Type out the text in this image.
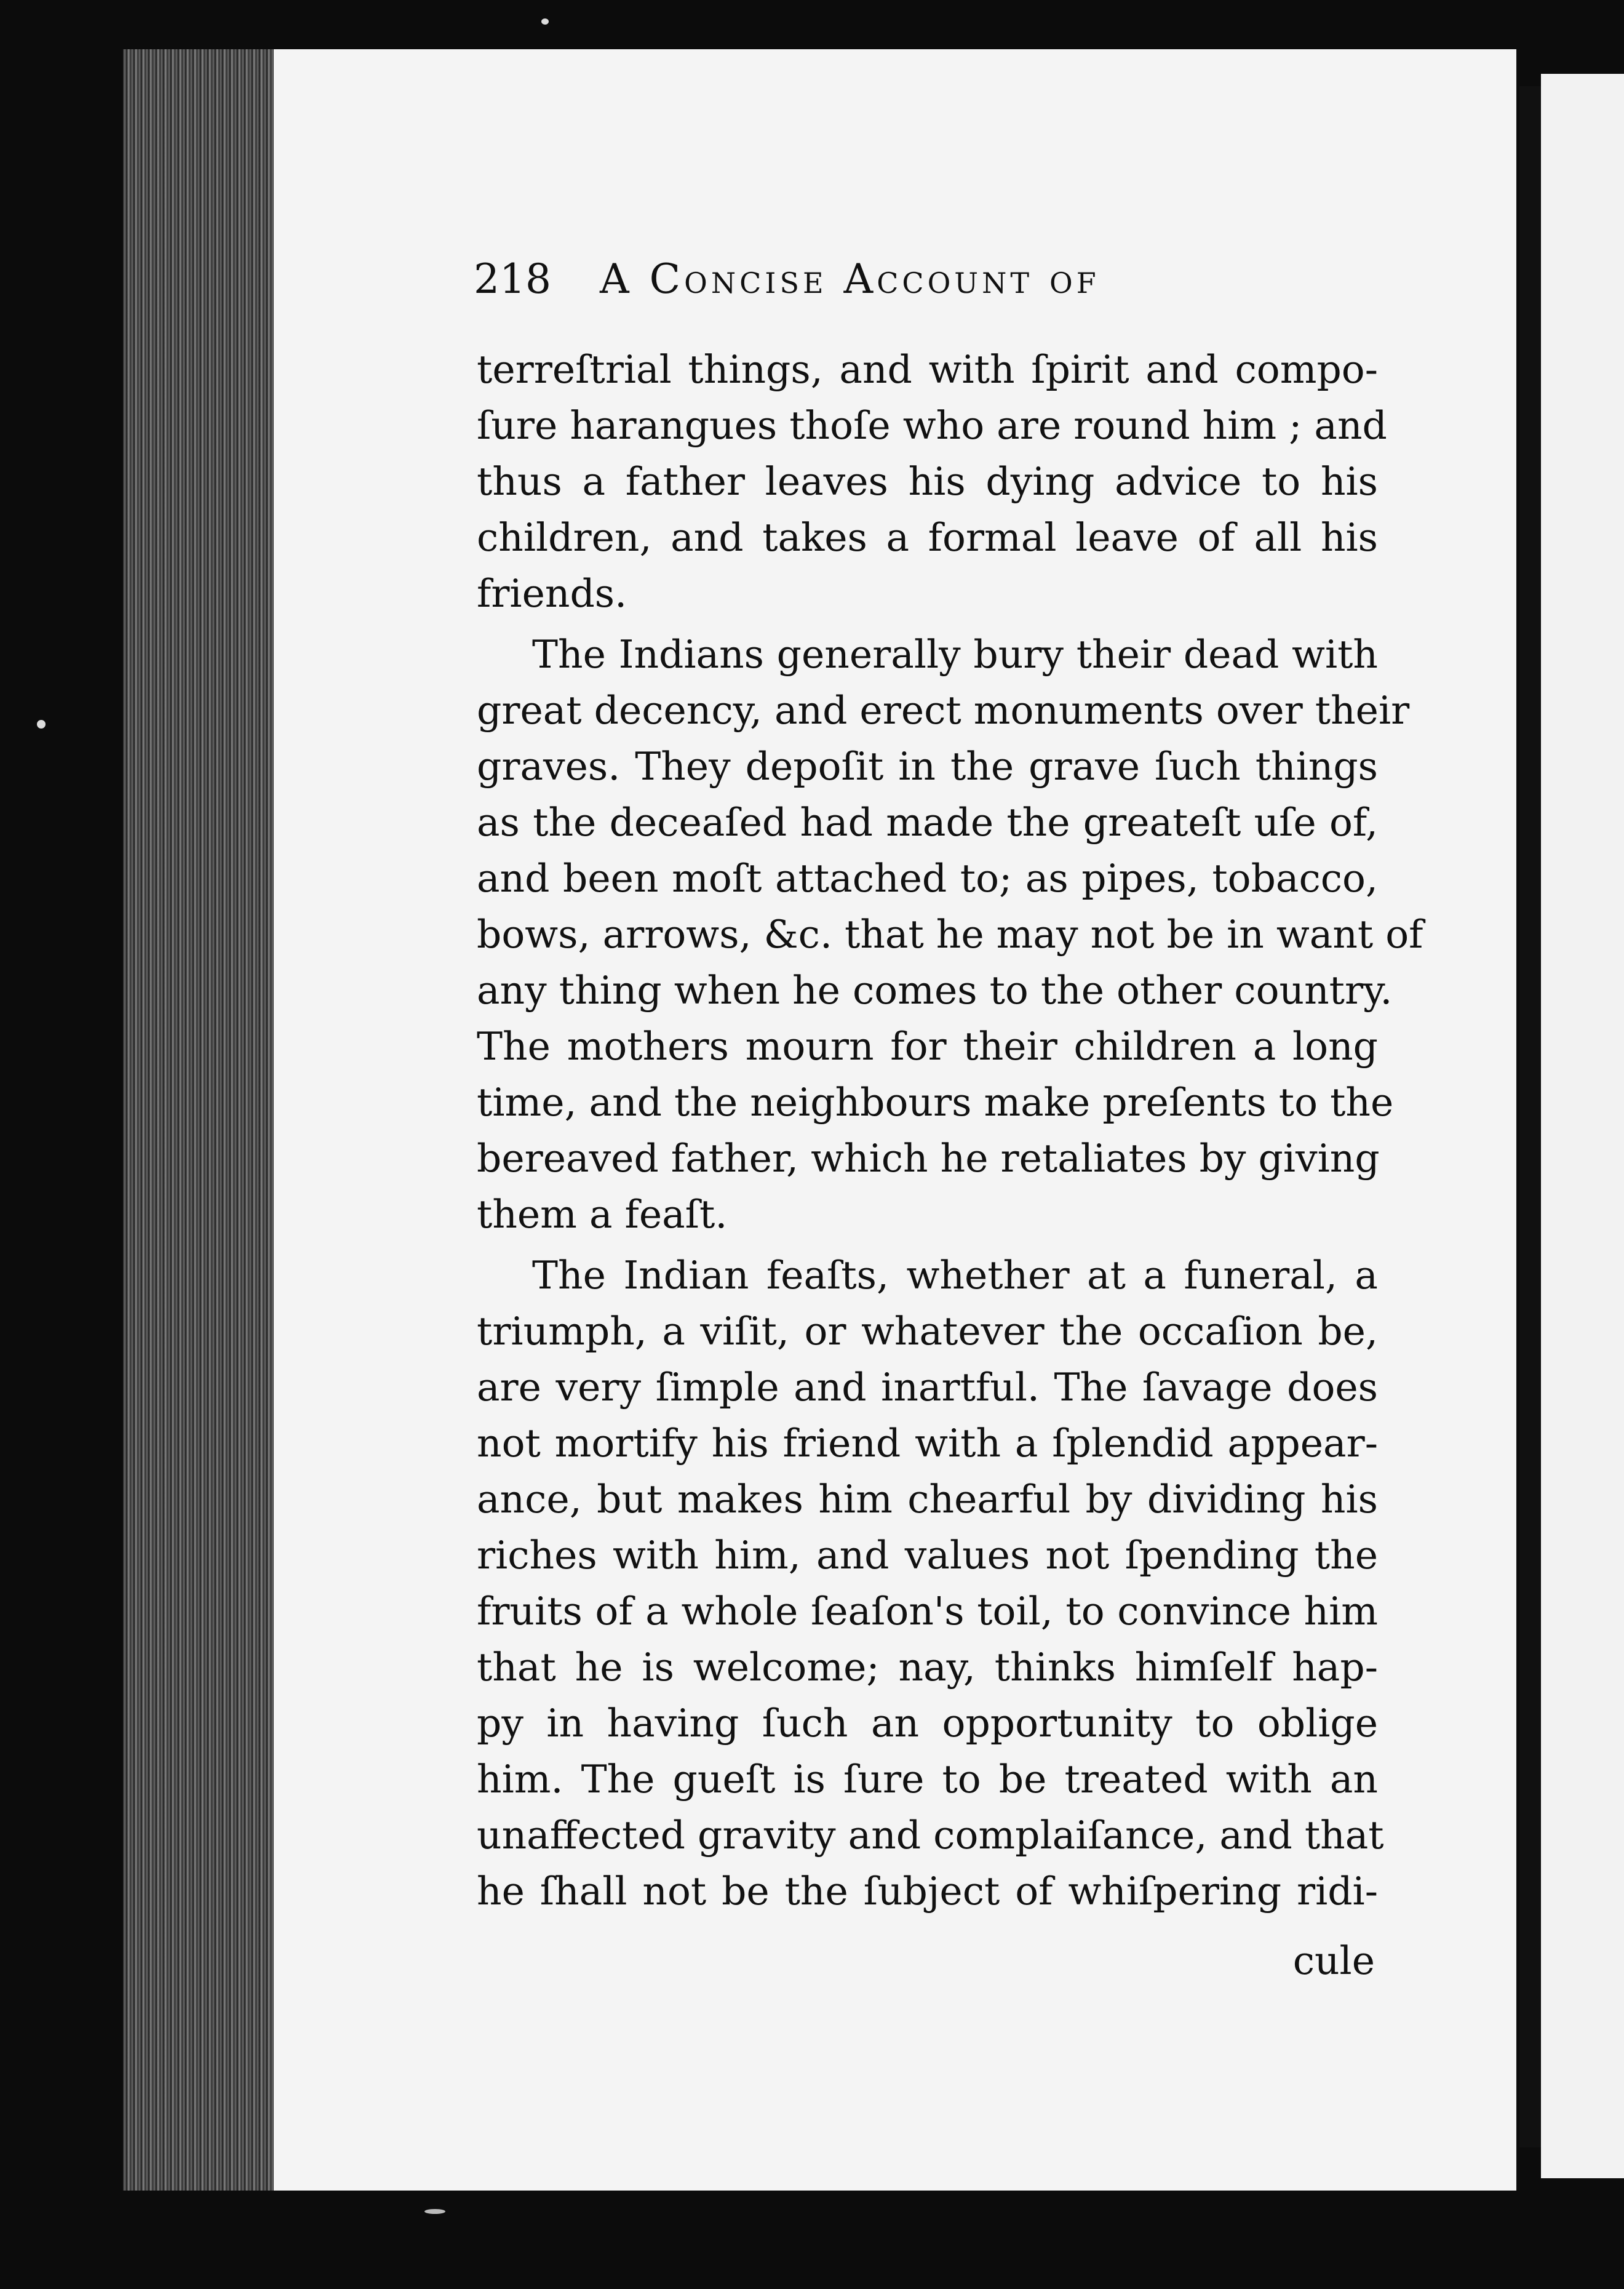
218 A Concise Account of
terreſtrial things, and with ſpirit and compo-
ſure harangues thoſe who are round him ; and
thus a father leaves his dying advice to his
children, and takes a formal leave of all his
friends.
The Indians generally bury their dead with
great decency, and erect monuments over their
graves. They depoſit in the grave ſuch things
as the deceaſed had made the greateſt uſe of,
and been moſt attached to; as pipes, tobacco,
bows, arrows, &c. that he may not be in want of
any thing when he comes to the other country.
The mothers mourn for their children a long
time, and the neighbours make preſents to the
bereaved father, which he retaliates by giving
them a feaſt.
The Indian feaſts, whether at a funeral, a
triumph, a viſit, or whatever the occaſion be,
are very ſimple and inartful. The ſavage does
not mortify his friend with a ſplendid appear-
ance, but makes him chearful by dividing his
riches with him, and values not ſpending the
fruits of a whole ſeaſon's toil, to convince him
that he is welcome; nay, thinks himſelf hap-
py in having ſuch an opportunity to oblige
him. The gueſt is ſure to be treated with an
unaffected gravity and complaiſance, and that
he ſhall not be the ſubject of whiſpering ridi-
cule
